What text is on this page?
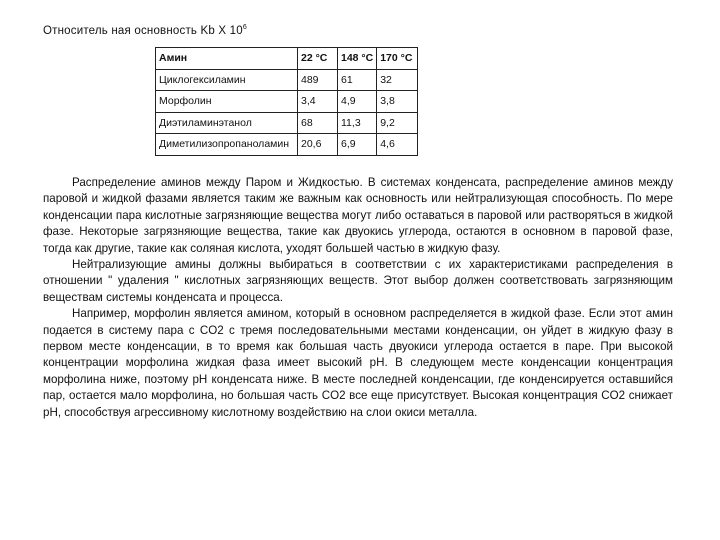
Относитель ная основность Kb X $10^6$
Амин	22 °C	148 °C	170 °C
Циклогексиламин	489	61	32
Морфолин	3,4	4,9	3,8
Диэтиламинэтанол	68	11,3	9,2
Диметилизопропаноламин	20,6	6,9	4,6

Распределение аминов между Паром и Жидкостью. В системах конденсата, распределение аминов между паровой и жидкой фазами является таким же важным как основность или нейтрализующая способность. По мере конденсации пара кислотные загрязняющие вещества могут либо оставаться в паровой или растворяться в жидкой фазе. Некоторые загрязняющие вещества, такие как двуокись углерода, остаются в основном в паровой фазе, тогда как другие, такие как соляная кислота, уходят большей частью в жидкую фазу.

Нейтрализующие амины должны выбираться в соответствии с их характеристиками распределения в отношении " удаления " кислотных загрязняющих веществ. Этот выбор должен соответствовать загрязняющим веществам системы конденсата и процесса.

Например, морфолин является амином, который в основном распределяется в жидкой фазе. Если этот амин подается в систему пара с CO2 с тремя последовательными местами конденсации, он уйдет в жидкую фазу в первом месте конденсации, в то время как большая часть двуокиси углерода остается в паре. При высокой концентрации морфолина жидкая фаза имеет высокий pH. В следующем месте конденсации концентрация морфолина ниже, поэтому pH конденсата ниже. В месте последней конденсации, где конденсируется оставшийся пар, остается мало морфолина, но большая часть CO2 все еще присутствует. Высокая концентрация CO2 снижает pH, способствуя агрессивному кислотному воздействию на слои окиси металла.
